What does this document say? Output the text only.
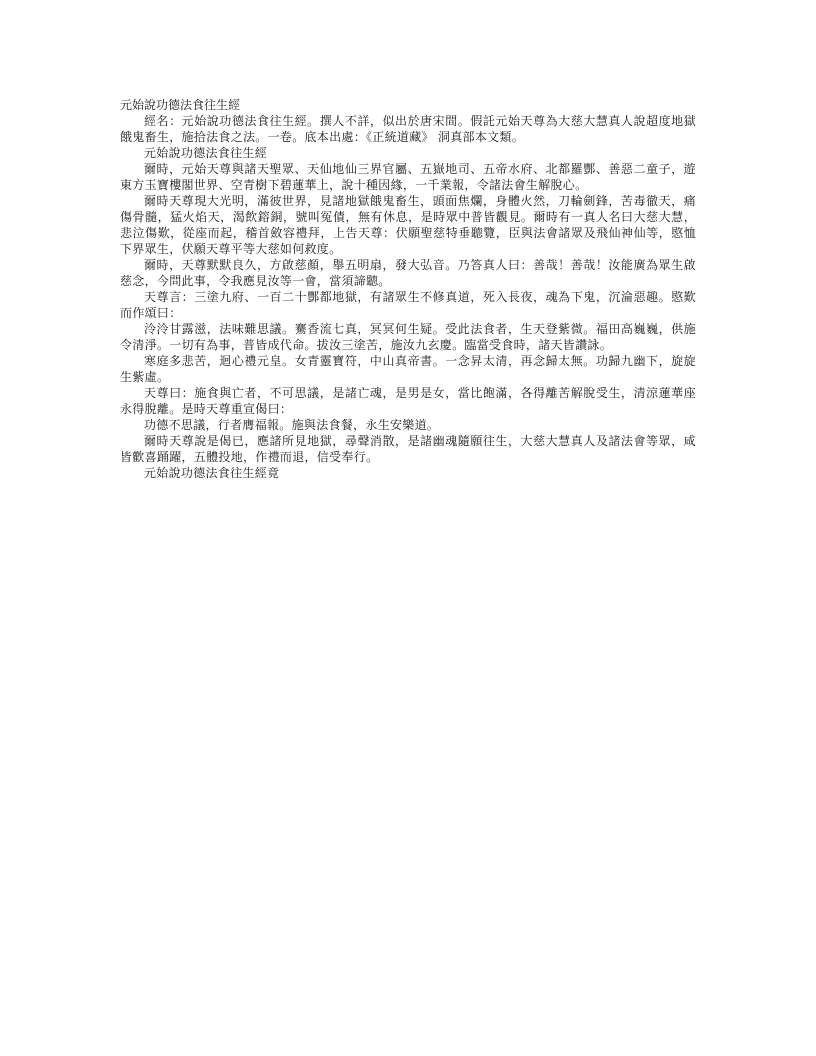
元始說功德法食往生經

經名：元始說功德法食往生經。撰人不詳，似出於唐宋間。假託元始天尊為大慈大慧真人說超度地獄餓鬼畜生，施拾法食之法。一卷。底本出處：《正統道藏》 洞真部本文類。

元始說功德法食往生經

爾時，元始天尊與諸天聖眾、天仙地仙三界官屬、五嶽地司、五帝水府、北都羅酆、善惡二童子，遊東方玉寶樓閣世界、空青樹下碧蓮華上，說十種因緣，一千業報，令諸法會生解脫心。

爾時天尊現大光明，滿彼世界，見諸地獄餓鬼畜生，頭面焦爛，身體火然，刀輪劍鋒，苦毒徹天，痛傷骨髓，猛火焰天，渴飲鎔銅，號叫冤債，無有休息，是時眾中普皆觀見。爾時有一真人名曰大慈大慧，悲泣傷歎，從座而起，稽首斂容禮拜，上告天尊：伏願聖慈特垂聽覽，臣與法會諸眾及飛仙神仙等，愍恤下界眾生，伏願天尊平等大慈如何救度。

爾時，天尊默默良久，方啟慈顏，舉五明扇，發大弘音。乃答真人曰：善哉！善哉！汝能廣為眾生啟慈念，今問此事，令我應見汝等一會，當須諦聽。

天尊言：三塗九府、一百二十酆都地獄，有諸眾生不修真道，死入長夜，魂為下鬼，沉淪惡趣。愍歎而作頌曰：

泠泠甘露滋，法味難思議。騫香流七真，冥冥何生疑。受此法食者，生天登紫微。福田高巍巍，供施令清淨。一切有為事，普皆成代命。拔汝三塗苦，施汝九玄慶。臨當受食時，諸天皆讚詠。

寒庭多悲苦，迴心禮元皇。女青靈寶符，中山真帝書。一念昇太清，再念歸太無。功歸九幽下，旋旋生紫虛。

天尊曰：施食與亡者，不可思議，是諸亡魂，是男是女，當比飽滿，各得離苦解脫受生，清涼蓮華座永得脫離。是時天尊重宣偈曰：

功德不思議，行者膺福報。施與法食餐，永生安樂道。

爾時天尊說是偈已，應諸所見地獄，尋聲消散，是諸幽魂隨願往生，大慈大慧真人及諸法會等眾，咸皆歡喜踊躍，五體投地，作禮而退，信受奉行。

元始說功德法食往生經竟
